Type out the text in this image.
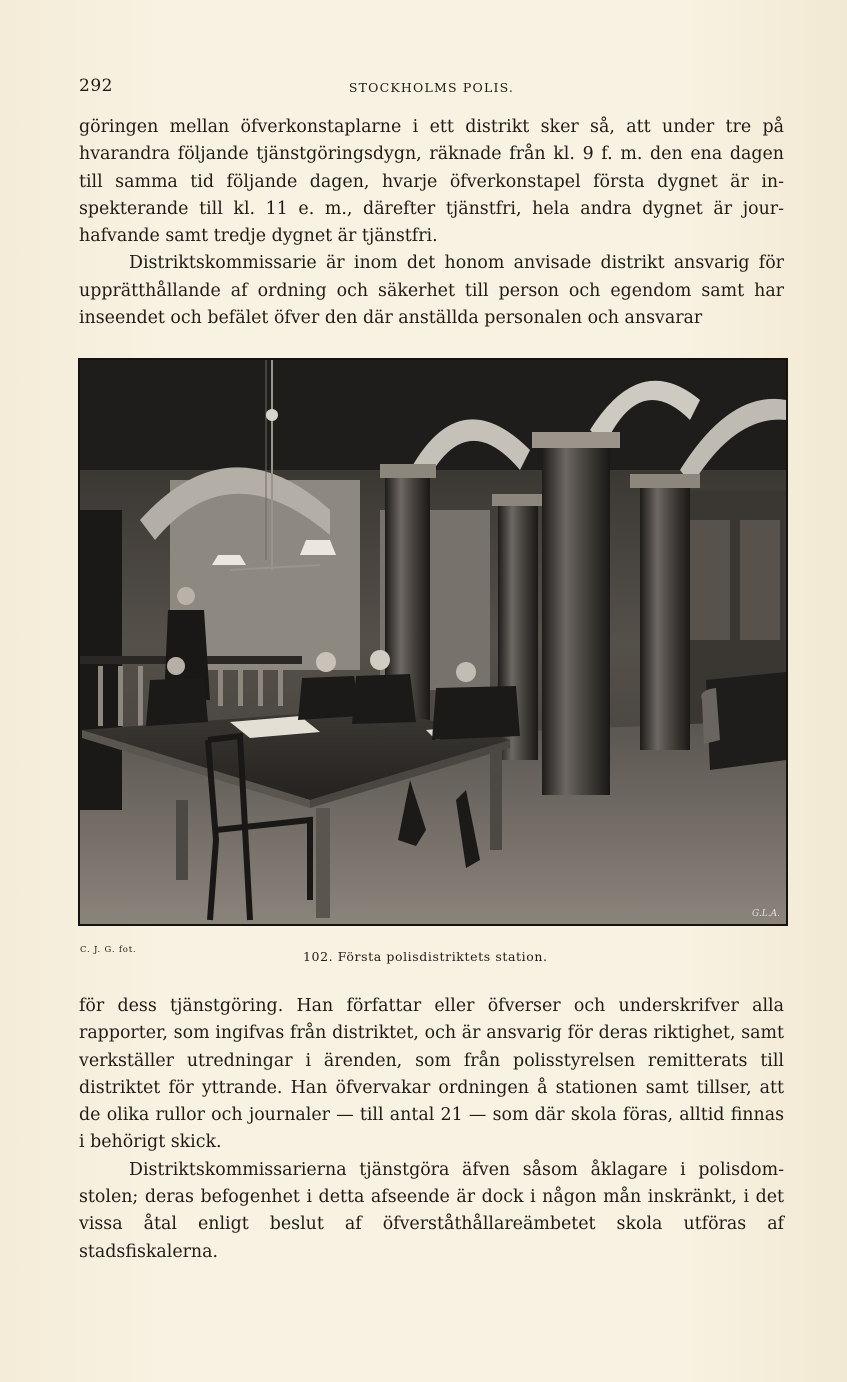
292	STOCKHOLMS POLIS.

göringen mellan öfverkonstaplarne i ett distrikt sker så, att under tre på hvarandra följande tjänstgöringsdygn, räknade från kl. 9 f. m. den ena dagen till samma tid följande dagen, hvarje öfverkonstapel första dygnet är inspekterande till kl. 11 e. m., därefter tjänstfri, hela andra dygnet är jourhafvande samt tredje dygnet är tjänstfri.

Distriktskommissarie är inom det honom anvisade distrikt ansvarig för upprätthållande af ordning och säkerhet till person och egendom samt har inseendet och befälet öfver den där anställda personalen och ansvarar

G.L.A.
C. J. G. fot.	102. Första polisdistriktets station.

för dess tjänstgöring. Han författar eller öfverser och underskrifver alla rapporter, som ingifvas från distriktet, och är ansvarig för deras riktighet, samt verkställer utredningar i ärenden, som från polisstyrelsen remitterats till distriktet för yttrande. Han öfvervakar ordningen å stationen samt tillser, att de olika rullor och journaler — till antal 21 — som där skola föras, alltid finnas i behörigt skick.

Distriktskommissarierna tjänstgöra äfven såsom åklagare i polisdomstolen; deras befogenhet i detta afseende är dock i någon mån inskränkt, i det vissa åtal enligt beslut af öfverståthållareämbetet skola utföras af stadsfiskalerna.
